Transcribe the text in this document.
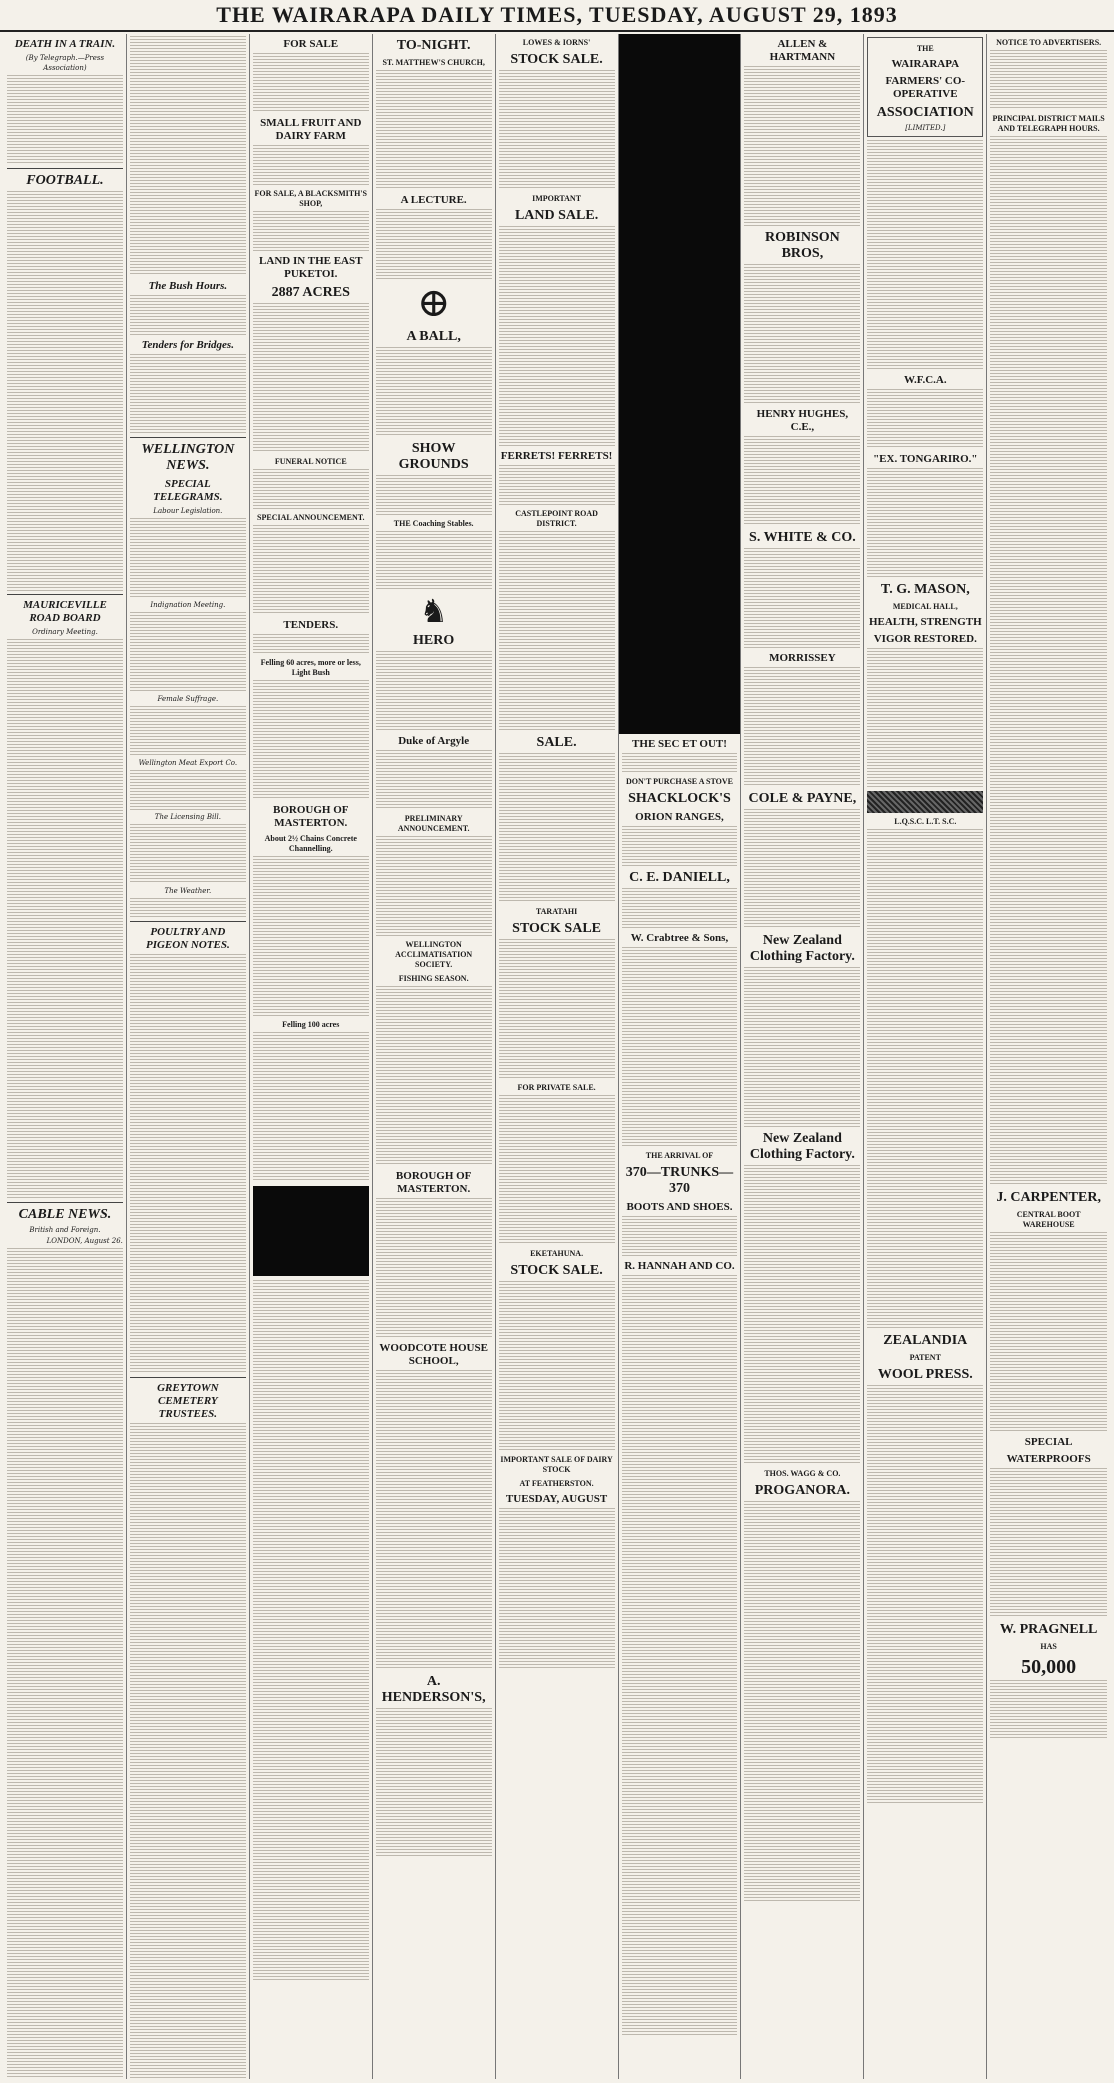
THE WAIRARAPA DAILY TIMES, TUESDAY, AUGUST 29, 1893
DEATH IN A TRAIN.
(By Telegraph.—Press Association)
FOOTBALL.
MAURICEVILLE ROAD BOARD
Ordinary Meeting.
CABLE NEWS.
British and Foreign.
LONDON, August 26.
The Bush Hours.
Tenders for Bridges.
WELLINGTON NEWS.
SPECIAL TELEGRAMS.
Labour Legislation.
Indignation Meeting.
Female Suffrage.
Wellington Meat Export Co.
The Licensing Bill.
The Weather.
POULTRY AND PIGEON NOTES.
GREYTOWN CEMETERY TRUSTEES.
FOR SALE
SMALL FRUIT AND DAIRY FARM
FOR SALE, A BLACKSMITH'S SHOP,
LAND IN THE EAST PUKETOI.
2887 ACRES
FUNERAL NOTICE
SPECIAL ANNOUNCEMENT.
TENDERS.
Felling 60 acres, more or less, Light Bush
BOROUGH OF MASTERTON.
About 2½ Chains Concrete Channelling.
Felling 100 acres
TO-NIGHT.
ST. MATTHEW'S CHURCH,
A LECTURE.
⊕
A BALL,
SHOW GROUNDS
THE Coaching Stables.
♞
HERO
Duke of Argyle
PRELIMINARY ANNOUNCEMENT.
WELLINGTON ACCLIMATISATION SOCIETY.
FISHING SEASON.
BOROUGH OF MASTERTON.
WOODCOTE HOUSE SCHOOL,
A. HENDERSON'S,
LOWES & IORNS'
STOCK SALE.
IMPORTANT
LAND SALE.
FERRETS! FERRETS!
CASTLEPOINT ROAD DISTRICT.
SALE.
TARATAHI
STOCK SALE
FOR PRIVATE SALE.
EKETAHUNA.
STOCK SALE.
IMPORTANT SALE OF DAIRY STOCK
AT FEATHERSTON.
TUESDAY, AUGUST
THE SEC ET OUT!
DON'T PURCHASE A STOVE
SHACKLOCK'S
ORION RANGES,
C. E. DANIELL,
W. Crabtree & Sons,
THE ARRIVAL OF
370—TRUNKS—370
BOOTS AND SHOES.
R. HANNAH AND CO.
ALLEN & HARTMANN
ROBINSON BROS,
HENRY HUGHES, C.E.,
S. WHITE & CO.
MORRISSEY
COLE & PAYNE,
New Zealand Clothing Factory.
New Zealand Clothing Factory.
THOS. WAGG & CO.
PROGANORA.
THE
WAIRARAPA
FARMERS' CO-OPERATIVE
ASSOCIATION
[LIMITED.]
W.F.C.A.
"EX. TONGARIRO."
T. G. MASON,
MEDICAL HALL,
HEALTH, STRENGTH
VIGOR RESTORED.
L.Q.S.C. L.T. S.C.
ZEALANDIA
PATENT
WOOL PRESS.
NOTICE TO ADVERTISERS.
PRINCIPAL DISTRICT MAILS AND TELEGRAPH HOURS.
J. CARPENTER,
CENTRAL BOOT WAREHOUSE
SPECIAL
WATERPROOFS
W. PRAGNELL
HAS
50,000
